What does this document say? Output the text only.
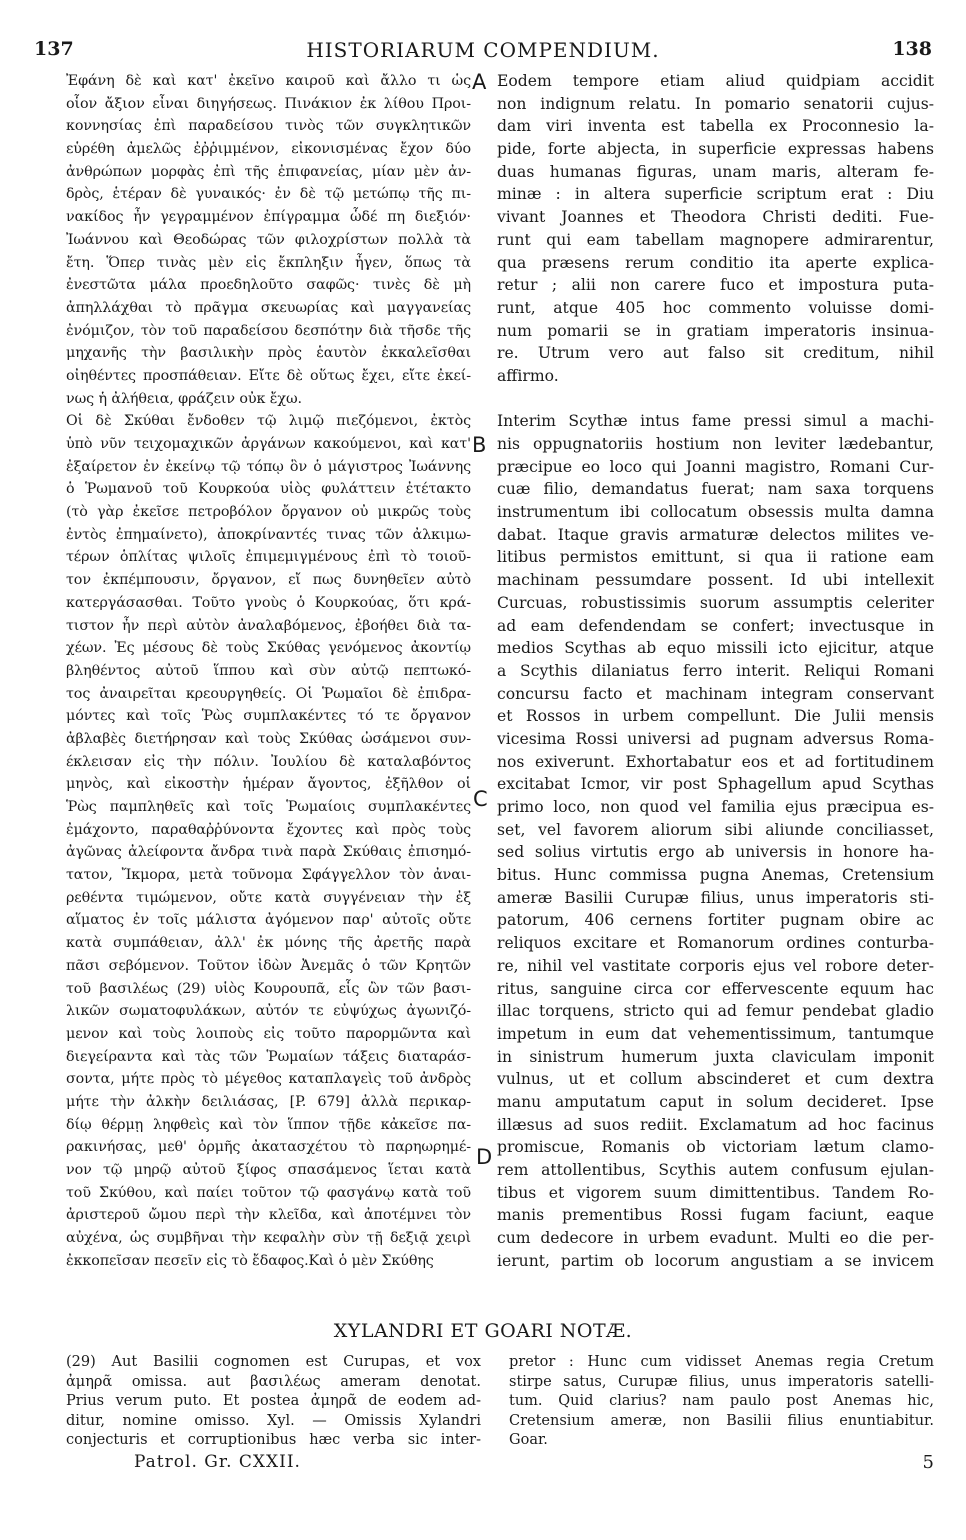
137	HISTORIARUM COMPENDIUM.	138
Ἐφάνη δὲ καὶ κατ' ἐκεῖνο καιροῦ καὶ ἄλλο τι ὡς
οἷον ἄξιον εἶναι διηγήσεως. Πινάκιον ἐκ λίθου Προι-
κοννησίας ἐπὶ παραδείσου τινὸς τῶν συγκλητικῶν
εὑρέθη ἀμελῶς ἐῤῥιμμένον, εἰκονισμένας ἔχον δύο
ἀνθρώπων μορφὰς ἐπὶ τῆς ἐπιφανείας, μίαν μὲν ἀν-
δρὸς, ἑτέραν δὲ γυναικός· ἐν δὲ τῷ μετώπῳ τῆς πι-
νακίδος ἦν γεγραμμένον ἐπίγραμμα ὧδέ πη διεξιόν·
Ἰωάννου καὶ Θεοδώρας τῶν φιλοχρίστων πολλὰ τὰ
ἔτη. Ὅπερ τινὰς μὲν εἰς ἔκπληξιν ἦγεν, ὅπως τὰ
ἐνεστῶτα μάλα προεδηλοῦτο σαφῶς· τινὲς δὲ μὴ
ἀπηλλάχθαι τὸ πρᾶγμα σκευωρίας καὶ μαγγανείας
ἐνόμιζον, τὸν τοῦ παραδείσου δεσπότην διὰ τῆσδε τῆς
μηχανῆς τὴν βασιλικὴν πρὸς ἑαυτὸν ἐκκαλεῖσθαι
οἰηθέντες προσπάθειαν. Εἴτε δὲ οὕτως ἔχει, εἴτε ἐκεί-
νως ἡ ἀλήθεια, φράζειν οὐκ ἔχω.
Οἱ δὲ Σκύθαι ἔνδοθεν τῷ λιμῷ πιεζόμενοι, ἐκτὸς
ὑπὸ νῦν τειχομαχικῶν ἀργάνων κακούμενοι, καὶ κατ'
ἐξαίρετον ἐν ἐκείνῳ τῷ τόπῳ ὃν ὁ μάγιστρος Ἰωάννης
ὁ Ῥωμανοῦ τοῦ Κουρκούα υἱὸς φυλάττειν ἐτέτακτο
(τὸ γὰρ ἐκεῖσε πετροβόλον ὄργανον οὐ μικρῶς τοὺς
ἐντὸς ἐπημαίνετο), ἀποκρίναντές τινας τῶν ἀλκιμω-
τέρων ὁπλίτας ψιλοῖς ἐπιμεμιγμένους ἐπὶ τὸ τοιοῦ-
τον ἐκπέμπουσιν, ὄργανον, εἴ πως δυνηθεῖεν αὐτὸ
κατεργάσασθαι. Τοῦτο γνοὺς ὁ Κουρκούας, ὅτι κρά-
τιστον ἦν περὶ αὐτὸν ἀναλαβόμενος, ἐβοήθει διὰ τα-
χέων. Ἐς μέσους δὲ τοὺς Σκύθας γενόμενος ἀκοντίῳ
βληθέντος αὐτοῦ ἵππου καὶ σὺν αὐτῷ πεπτωκό-
τος ἀναιρεῖται κρεουργηθείς. Οἱ Ῥωμαῖοι δὲ ἐπιδρα-
μόντες καὶ τοῖς Ῥὼς συμπλακέντες τό τε ὄργανον
ἀβλαβὲς διετήρησαν καὶ τοὺς Σκύθας ὠσάμενοι συν-
έκλεισαν εἰς τὴν πόλιν. Ἰουλίου δὲ καταλαβόντος
μηνὸς, καὶ εἰκοστὴν ἡμέραν ἄγοντος, ἐξῆλθον οἱ
Ῥὼς παμπληθεῖς καὶ τοῖς Ῥωμαίοις συμπλακέντες
ἐμάχοντο, παραθαῤῥύνοντα ἔχοντες καὶ πρὸς τοὺς
ἀγῶνας ἀλείφοντα ἄνδρα τινὰ παρὰ Σκύθαις ἐπισημό-
τατον, Ἴκμορα, μετὰ τοῦνομα Σφάγγελλον τὸν ἀναι-
ρεθέντα τιμώμενον, οὔτε κατὰ συγγένειαν τὴν ἐξ
αἵματος ἐν τοῖς μάλιστα ἀγόμενον παρ' αὐτοῖς οὔτε
κατὰ συμπάθειαν, ἀλλ' ἐκ μόνης τῆς ἀρετῆς παρὰ
πᾶσι σεβόμενον. Τοῦτον ἰδὼν Ἀνεμᾶς ὁ τῶν Κρητῶν
τοῦ βασιλέως (29) υἱὸς Κουρουπᾶ, εἷς ὢν τῶν βασι-
λικῶν σωματοφυλάκων, αὐτόν τε εὐψύχως ἀγωνιζό-
μενον καὶ τοὺς λοιποὺς εἰς τοῦτο παρορμῶντα καὶ
διεγείραντα καὶ τὰς τῶν Ῥωμαίων τάξεις διαταράσ-
σοντα, μήτε πρὸς τὸ μέγεθος καταπλαγεὶς τοῦ ἀνδρὸς
μήτε τὴν ἀλκὴν δειλιάσας, [P. 679] ἀλλὰ περικαρ-
δίῳ θέρμῃ ληφθεὶς καὶ τὸν ἵππον τῇδε κἀκεῖσε πα-
ρακινήσας, μεθ' ὁρμῆς ἀκατασχέτου τὸ παρηωρημέ-
νον τῷ μηρῷ αὐτοῦ ξίφος σπασάμενος ἵεται κατὰ
τοῦ Σκύθου, καὶ παίει τοῦτον τῷ φασγάνῳ κατὰ τοῦ
ἀριστεροῦ ὤμου περὶ τὴν κλεῖδα, καὶ ἀποτέμνει τὸν
αὐχένα, ὡς συμβῆναι τὴν κεφαλὴν σὺν τῇ δεξιᾷ χειρὶ
ἐκκοπεῖσαν πεσεῖν εἰς τὸ ἔδαφος.Καὶ ὁ μὲν Σκύθης
Eodem tempore etiam aliud quidpiam accidit
non indignum relatu. In pomario senatorii cujus-
dam viri inventa est tabella ex Proconnesio la-
pide, forte abjecta, in superficie expressas habens
duas humanas figuras, unam maris, alteram fe-
minæ : in altera superficie scriptum erat : Diu
vivant Joannes et Theodora Christi dediti. Fue-
runt qui eam tabellam magnopere admirarentur,
qua præsens rerum conditio ita aperte explica-
retur ; alii non carere fuco et impostura puta-
runt, atque 405 hoc commento voluisse domi-
num pomarii se in gratiam imperatoris insinua-
re. Utrum vero aut falso sit creditum, nihil
affirmo.
Interim Scythæ intus fame pressi simul a machi-
nis oppugnatoriis hostium non leviter lædebantur,
præcipue eo loco qui Joanni magistro, Romani Cur-
cuæ filio, demandatus fuerat; nam saxa torquens
instrumentum ibi collocatum obsessis multa damna
dabat. Itaque gravis armaturæ delectos milites ve-
litibus permistos emittunt, si qua ii ratione eam
machinam pessumdare possent. Id ubi intellexit
Curcuas, robustissimis suorum assumptis celeriter
ad eam defendendam se confert; invectusque in
medios Scythas ab equo missili icto ejicitur, atque
a Scythis dilaniatus ferro interit. Reliqui Romani
concursu facto et machinam integram conservant
et Rossos in urbem compellunt. Die Julii mensis
vicesima Rossi universi ad pugnam adversus Roma-
nos exiverunt. Exhortabatur eos et ad fortitudinem
excitabat Icmor, vir post Sphagellum apud Scythas
primo loco, non quod vel familia ejus præcipua es-
set, vel favorem aliorum sibi aliunde conciliasset,
sed solius virtutis ergo ab universis in honore ha-
bitus. Hunc commissa pugna Anemas, Cretensium
ameræ Basilii Curupæ filius, unus imperatoris sti-
patorum, 406 cernens fortiter pugnam obire ac
reliquos excitare et Romanorum ordines conturba-
re, nihil vel vastitate corporis ejus vel robore deter-
ritus, sanguine circa cor effervescente equum hac
illac torquens, stricto qui ad femur pendebat gladio
impetum in eum dat vehementissimum, tantumque
in sinistrum humerum juxta claviculam imponit
vulnus, ut et collum abscinderet et cum dextra
manu amputatum caput in solum decideret. Ipse
illæsus ad suos rediit. Exclamatum ad hoc facinus
promiscue, Romanis ob victoriam lætum clamo-
rem attollentibus, Scythis autem confusum ejulan-
tibus et vigorem suum dimittentibus. Tandem Ro-
manis prementibus Rossi fugam faciunt, eaque
cum dedecore in urbem evadunt. Multi eo die per-
ierunt, partim ob locorum angustiam a se invicem
A
B
C
D
XYLANDRI ET GOARI NOTÆ.
(29) Aut Basilii cognomen est Curupas, et vox
ἀμηρᾶ omissa. aut βασιλέως ameram denotat.
Prius verum puto. Et postea ἀμηρᾶ de eodem ad-
ditur, nomine omisso. Xyl. — Omissis Xylandri
conjecturis et corruptionibus hæc verba sic inter-
pretor : Hunc cum vidisset Anemas regia Cretum
stirpe satus, Curupæ filius, unus imperatoris satelli-
tum. Quid clarius? nam paulo post Anemas hic,
Cretensium ameræ, non Basilii filius enuntiabitur.
Goar.
Patrol. Gr. CXXII.	5
